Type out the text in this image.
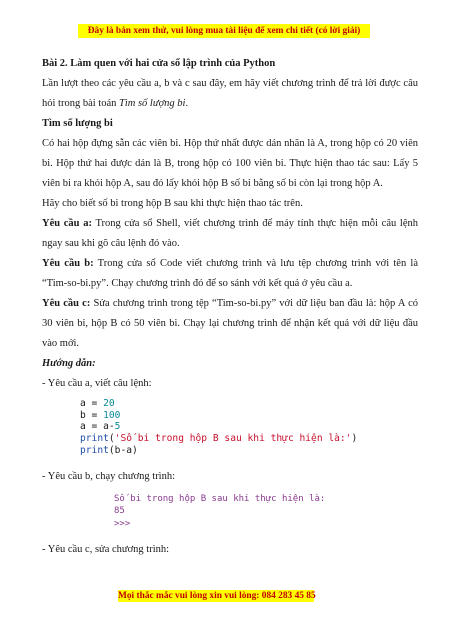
Đây là bản xem thử, vui lòng mua tài liệu để xem chi tiết (có lời giải)

Bài 2. Làm quen với hai cửa sổ lập trình của Python

Lần lượt theo các yêu cầu a, b và c sau đây, em hãy viết chương trình để trả lời được câu hỏi trong bài toán Tìm số lượng bi.

Tìm số lượng bi

Có hai hộp đựng sẵn các viên bi. Hộp thứ nhất được dán nhãn là A, trong hộp có 20 viên bi. Hộp thứ hai được dán là B, trong hộp có 100 viên bi. Thực hiện thao tác sau: Lấy 5 viên bi ra khỏi hộp A, sau đó lấy khỏi hộp B số bi bằng số bi còn lại trong hộp A.

Hãy cho biết số bi trong hộp B sau khi thực hiện thao tác trên.

Yêu cầu a: Trong cửa sổ Shell, viết chương trình để máy tính thực hiện mỗi câu lệnh ngay sau khi gõ câu lệnh đó vào.

Yêu cầu b: Trong cửa sổ Code viết chương trình và lưu tệp chương trình với tên là “Tim-so-bi.py”. Chạy chương trình đó để so sánh với kết quả ở yêu cầu a.

Yêu cầu c: Sửa chương trình trong tệp “Tim-so-bi.py” với dữ liệu ban đầu là: hộp A có 30 viên bi, hộp B có 50 viên bi. Chạy lại chương trình để nhận kết quả với dữ liệu đầu vào mới.

Hướng dẫn:

- Yêu cầu a, viết câu lệnh:

a = 20
b = 100
a = a-5
print('Số bi trong hộp B sau khi thực hiện là:')
print(b-a)

- Yêu cầu b, chạy chương trình:

Số bi trong hộp B sau khi thực hiện là:
85
>>>

- Yêu cầu c, sửa chương trình:

Mọi thắc mắc vui lòng xin vui lòng: 084 283 45 85
